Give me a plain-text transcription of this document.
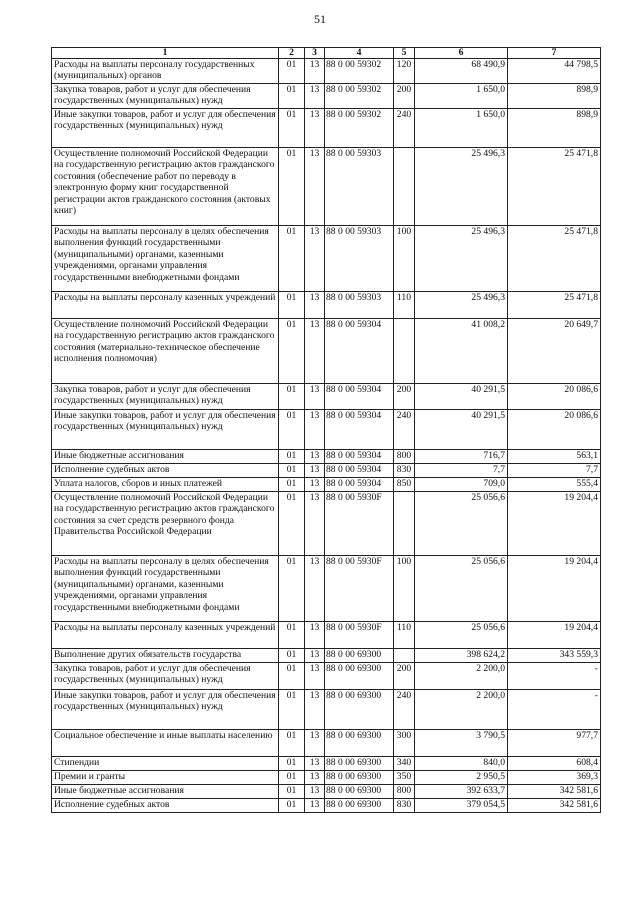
51
1	2	3	4	5	6	7
Расходы на выплаты персоналу государственных (муниципальных) органов	01	13	88 0 00 59302	120	68 490,9	44 798,5
Закупка товаров, работ и услуг для обеспечения государственных (муниципальных) нужд	01	13	88 0 00 59302	200	1 650,0	898,9
Иные закупки товаров, работ и услуг для обеспечения государственных (муниципальных) нужд	01	13	88 0 00 59302	240	1 650,0	898,9
Осуществление полномочий Российской Федерации на государственную регистрацию актов гражданского состояния (обеспечение работ по переводу в электронную форму книг государственной регистрации актов гражданского состояния (актовых книг)	01	13	88 0 00 59303		25 496,3	25 471,8
Расходы на выплаты персоналу в целях обеспечения выполнения функций государственными (муниципальными) органами, казенными учреждениями, органами управления государственными внебюджетными фондами	01	13	88 0 00 59303	100	25 496,3	25 471,8
Расходы на выплаты персоналу казенных учреждений	01	13	88 0 00 59303	110	25 496,3	25 471,8
Осуществление полномочий Российской Федерации на государственную регистрацию актов гражданского состояния (материально-техническое обеспечение исполнения полномочия)	01	13	88 0 00 59304		41 008,2	20 649,7
Закупка товаров, работ и услуг для обеспечения государственных (муниципальных) нужд	01	13	88 0 00 59304	200	40 291,5	20 086,6
Иные закупки товаров, работ и услуг для обеспечения государственных (муниципальных) нужд	01	13	88 0 00 59304	240	40 291,5	20 086,6
Иные бюджетные ассигнования	01	13	88 0 00 59304	800	716,7	563,1
Исполнение судебных актов	01	13	88 0 00 59304	830	7,7	7,7
Уплата налогов, сборов и иных платежей	01	13	88 0 00 59304	850	709,0	555,4
Осуществление полномочий Российской Федерации на государственную регистрацию актов гражданского состояния за счет средств резервного фонда Правительства Российской Федерации	01	13	88 0 00 5930F		25 056,6	19 204,4
Расходы на выплаты персоналу в целях обеспечения выполнения функций государственными (муниципальными) органами, казенными учреждениями, органами управления государственными внебюджетными фондами	01	13	88 0 00 5930F	100	25 056,6	19 204,4
Расходы на выплаты персоналу казенных учреждений	01	13	88 0 00 5930F	110	25 056,6	19 204,4
Выполнение других обязательств государства	01	13	88 0 00 69300		398 624,2	343 559,3
Закупка товаров, работ и услуг для обеспечения государственных (муниципальных) нужд	01	13	88 0 00 69300	200	2 200,0	-
Иные закупки товаров, работ и услуг для обеспечения государственных (муниципальных) нужд	01	13	88 0 00 69300	240	2 200,0	-
Социальное обеспечение и иные выплаты населению	01	13	88 0 00 69300	300	3 790,5	977,7
Стипендии	01	13	88 0 00 69300	340	840,0	608,4
Премии и гранты	01	13	88 0 00 69300	350	2 950,5	369,3
Иные бюджетные ассигнования	01	13	88 0 00 69300	800	392 633,7	342 581,6
Исполнение судебных актов	01	13	88 0 00 69300	830	379 054,5	342 581,6
